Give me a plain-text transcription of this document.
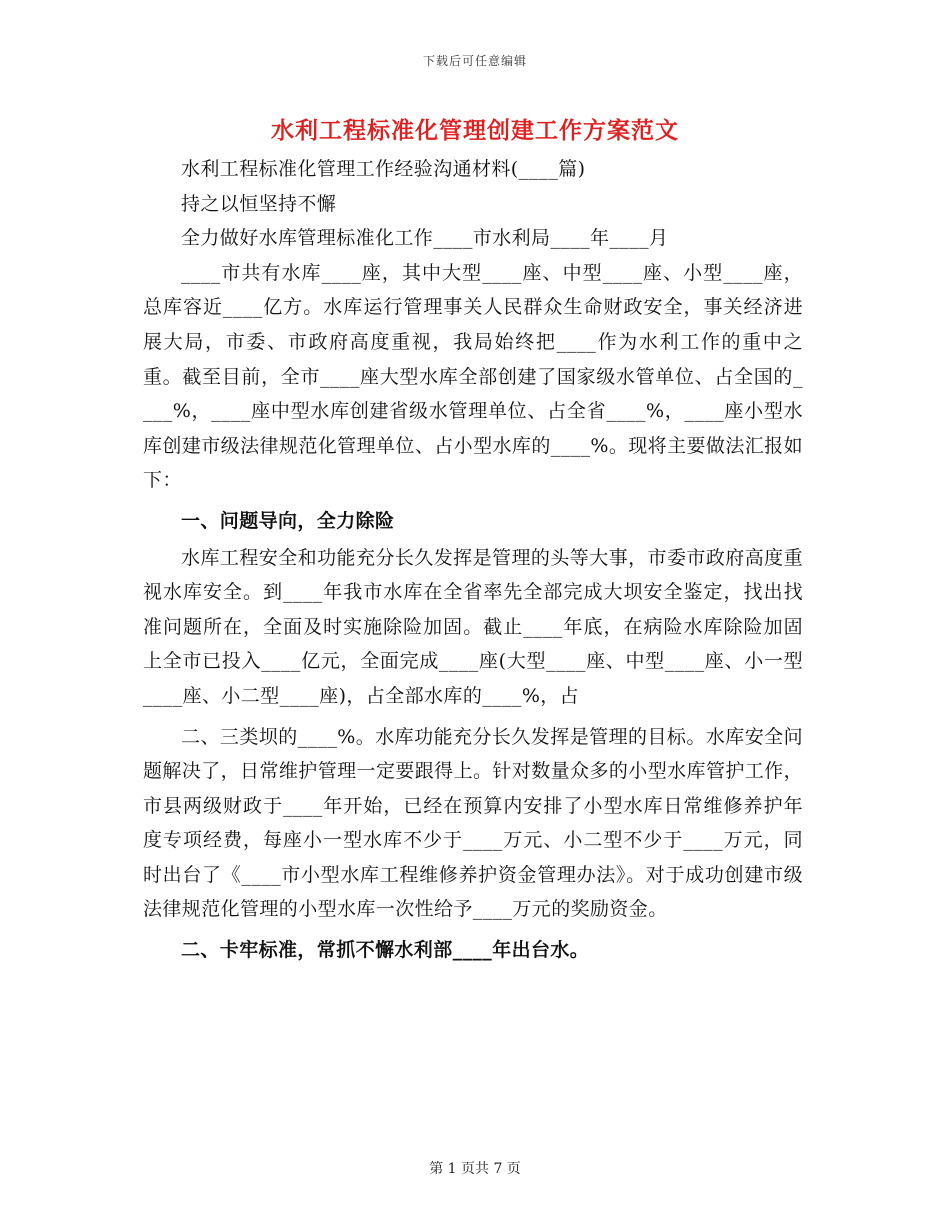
下载后可任意编辑
水利工程标准化管理创建工作方案范文

水利工程标准化管理工作经验沟通材料(____篇)

持之以恒坚持不懈

全力做好水库管理标准化工作____市水利局____年____月

____市共有水库____座，其中大型____座、中型____座、小型____座，总库容近____亿方。水库运行管理事关人民群众生命财政安全，事关经济进展大局，市委、市政府高度重视，我局始终把____作为水利工作的重中之重。截至目前，全市____座大型水库全部创建了国家级水管单位、占全国的____%，____座中型水库创建省级水管理单位、占全省____%，____座小型水库创建市级法律规范化管理单位、占小型水库的____%。现将主要做法汇报如下：

一、问题导向，全力除险

水库工程安全和功能充分长久发挥是管理的头等大事，市委市政府高度重视水库安全。到____年我市水库在全省率先全部完成大坝安全鉴定，找出找准问题所在，全面及时实施除险加固。截止____年底，在病险水库除险加固上全市已投入____亿元，全面完成____座(大型____座、中型____座、小一型____座、小二型____座)，占全部水库的____%，占

二、三类坝的____%。水库功能充分长久发挥是管理的目标。水库安全问题解决了，日常维护管理一定要跟得上。针对数量众多的小型水库管护工作，市县两级财政于____年开始，已经在预算内安排了小型水库日常维修养护年度专项经费，每座小一型水库不少于____万元、小二型不少于____万元，同时出台了《____市小型水库工程维修养护资金管理办法》。对于成功创建市级法律规范化管理的小型水库一次性给予____万元的奖励资金。

二、卡牢标准，常抓不懈水利部____年出台水。

第 1 页共 7 页
